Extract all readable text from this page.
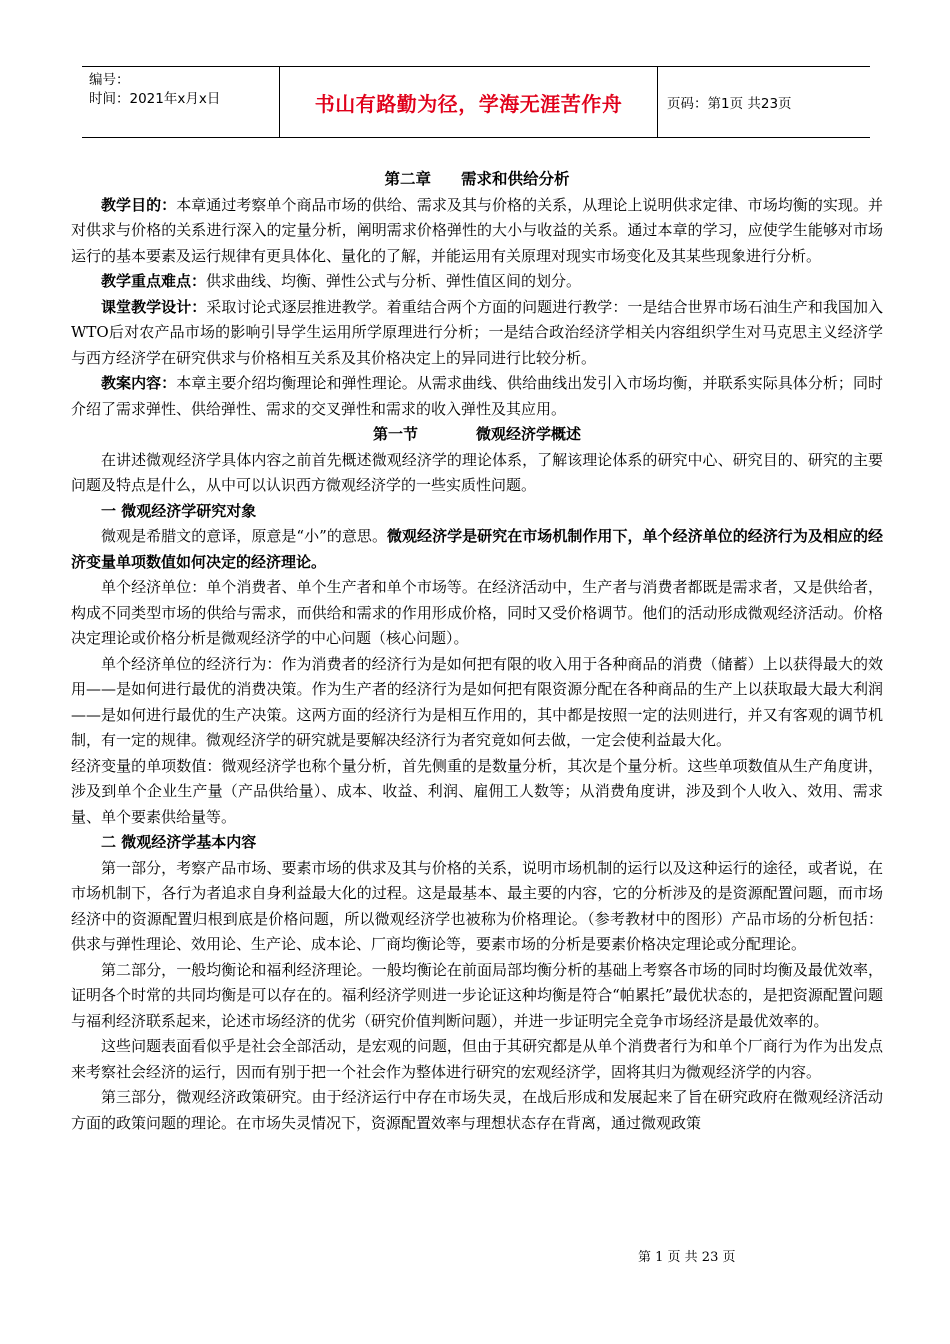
编号：
时间：2021年x月x日	书山有路勤为径，学海无涯苦作舟	页码：第1页 共23页

第二章 需求和供给分析

教学目的：本章通过考察单个商品市场的供给、需求及其与价格的关系，从理论上说明供求定律、市场均衡的实现。并对供求与价格的关系进行深入的定量分析，阐明需求价格弹性的大小与收益的关系。通过本章的学习，应使学生能够对市场运行的基本要素及运行规律有更具体化、量化的了解，并能运用有关原理对现实市场变化及其某些现象进行分析。

教学重点难点：供求曲线、均衡、弹性公式与分析、弹性值区间的划分。

课堂教学设计：采取讨论式逐层推进教学。着重结合两个方面的问题进行教学：一是结合世界市场石油生产和我国加入WTO后对农产品市场的影响引导学生运用所学原理进行分析；一是结合政治经济学相关内容组织学生对马克思主义经济学与西方经济学在研究供求与价格相互关系及其价格决定上的异同进行比较分析。

教案内容：本章主要介绍均衡理论和弹性理论。从需求曲线、供给曲线出发引入市场均衡，并联系实际具体分析；同时介绍了需求弹性、供给弹性、需求的交叉弹性和需求的收入弹性及其应用。

第一节	微观经济学概述

在讲述微观经济学具体内容之前首先概述微观经济学的理论体系，了解该理论体系的研究中心、研究目的、研究的主要问题及特点是什么，从中可以认识西方微观经济学的一些实质性问题。

一 微观经济学研究对象

微观是希腊文的意译，原意是“小”的意思。微观经济学是研究在市场机制作用下，单个经济单位的经济行为及相应的经济变量单项数值如何决定的经济理论。

单个经济单位：单个消费者、单个生产者和单个市场等。在经济活动中，生产者与消费者都既是需求者，又是供给者，构成不同类型市场的供给与需求，而供给和需求的作用形成价格，同时又受价格调节。他们的活动形成微观经济活动。价格决定理论或价格分析是微观经济学的中心问题（核心问题）。

单个经济单位的经济行为：作为消费者的经济行为是如何把有限的收入用于各种商品的消费（储蓄）上以获得最大的效用——是如何进行最优的消费决策。作为生产者的经济行为是如何把有限资源分配在各种商品的生产上以获取最大最大利润——是如何进行最优的生产决策。这两方面的经济行为是相互作用的，其中都是按照一定的法则进行，并又有客观的调节机制，有一定的规律。微观经济学的研究就是要解决经济行为者究竟如何去做，一定会使利益最大化。

经济变量的单项数值：微观经济学也称个量分析，首先侧重的是数量分析，其次是个量分析。这些单项数值从生产角度讲，涉及到单个企业生产量（产品供给量）、成本、收益、利润、雇佣工人数等；从消费角度讲，涉及到个人收入、效用、需求量、单个要素供给量等。

二 微观经济学基本内容

第一部分，考察产品市场、要素市场的供求及其与价格的关系，说明市场机制的运行以及这种运行的途径，或者说，在市场机制下，各行为者追求自身利益最大化的过程。这是最基本、最主要的内容，它的分析涉及的是资源配置问题，而市场经济中的资源配置归根到底是价格问题，所以微观经济学也被称为价格理论。（参考教材中的图形）产品市场的分析包括：供求与弹性理论、效用论、生产论、成本论、厂商均衡论等，要素市场的分析是要素价格决定理论或分配理论。

第二部分，一般均衡论和福利经济理论。一般均衡论在前面局部均衡分析的基础上考察各市场的同时均衡及最优效率，证明各个时常的共同均衡是可以存在的。福利经济学则进一步论证这种均衡是符合“帕累托”最优状态的，是把资源配置问题与福利经济联系起来，论述市场经济的优劣（研究价值判断问题），并进一步证明完全竞争市场经济是最优效率的。

这些问题表面看似乎是社会全部活动，是宏观的问题，但由于其研究都是从单个消费者行为和单个厂商行为作为出发点来考察社会经济的运行，因而有别于把一个社会作为整体进行研究的宏观经济学，固将其归为微观经济学的内容。

第三部分，微观经济政策研究。由于经济运行中存在市场失灵，在战后形成和发展起来了旨在研究政府在微观经济活动方面的政策问题的理论。在市场失灵情况下，资源配置效率与理想状态存在背离，通过微观政策

第 1 页 共 23 页
